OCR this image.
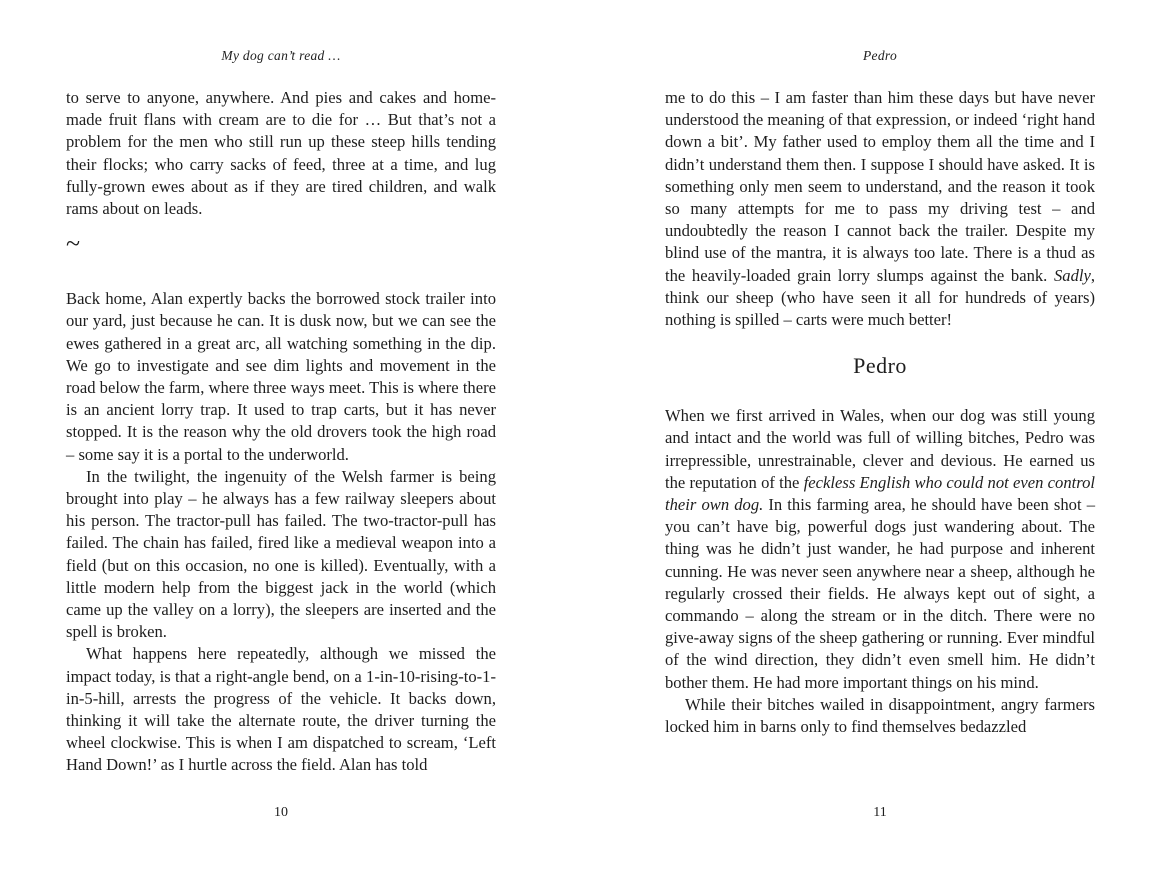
My dog can’t read …

to serve to anyone, anywhere. And pies and cakes and home-made fruit flans with cream are to die for … But that’s not a problem for the men who still run up these steep hills tending their flocks; who carry sacks of feed, three at a time, and lug fully-grown ewes about as if they are tired children, and walk rams about on leads.

~

Back home, Alan expertly backs the borrowed stock trailer into our yard, just because he can. It is dusk now, but we can see the ewes gathered in a great arc, all watching something in the dip. We go to investigate and see dim lights and movement in the road below the farm, where three ways meet. This is where there is an ancient lorry trap. It used to trap carts, but it has never stopped. It is the reason why the old drovers took the high road – some say it is a portal to the underworld.

In the twilight, the ingenuity of the Welsh farmer is being brought into play – he always has a few railway sleepers about his person. The tractor-pull has failed. The two-tractor-pull has failed. The chain has failed, fired like a medieval weapon into a field (but on this occasion, no one is killed). Eventually, with a little modern help from the biggest jack in the world (which came up the valley on a lorry), the sleepers are inserted and the spell is broken.

What happens here repeatedly, although we missed the impact today, is that a right-angle bend, on a 1-in-10-rising-to-1-in-5-hill, arrests the progress of the vehicle. It backs down, thinking it will take the alternate route, the driver turning the wheel clockwise. This is when I am dispatched to scream, ‘Left Hand Down!’ as I hurtle across the field. Alan has told

10
Pedro

me to do this – I am faster than him these days but have never understood the meaning of that expression, or indeed ‘right hand down a bit’. My father used to employ them all the time and I didn’t understand them then. I suppose I should have asked. It is something only men seem to understand, and the reason it took so many attempts for me to pass my driving test – and undoubtedly the reason I cannot back the trailer. Despite my blind use of the mantra, it is always too late. There is a thud as the heavily-loaded grain lorry slumps against the bank. Sadly, think our sheep (who have seen it all for hundreds of years) nothing is spilled – carts were much better!

Pedro

When we first arrived in Wales, when our dog was still young and intact and the world was full of willing bitches, Pedro was irrepressible, unrestrainable, clever and devious. He earned us the reputation of the feckless English who could not even control their own dog. In this farming area, he should have been shot – you can’t have big, powerful dogs just wandering about. The thing was he didn’t just wander, he had purpose and inherent cunning. He was never seen anywhere near a sheep, although he regularly crossed their fields. He always kept out of sight, a commando – along the stream or in the ditch. There were no give-away signs of the sheep gathering or running. Ever mindful of the wind direction, they didn’t even smell him. He didn’t bother them. He had more important things on his mind.

While their bitches wailed in disappointment, angry farmers locked him in barns only to find themselves bedazzled

11
